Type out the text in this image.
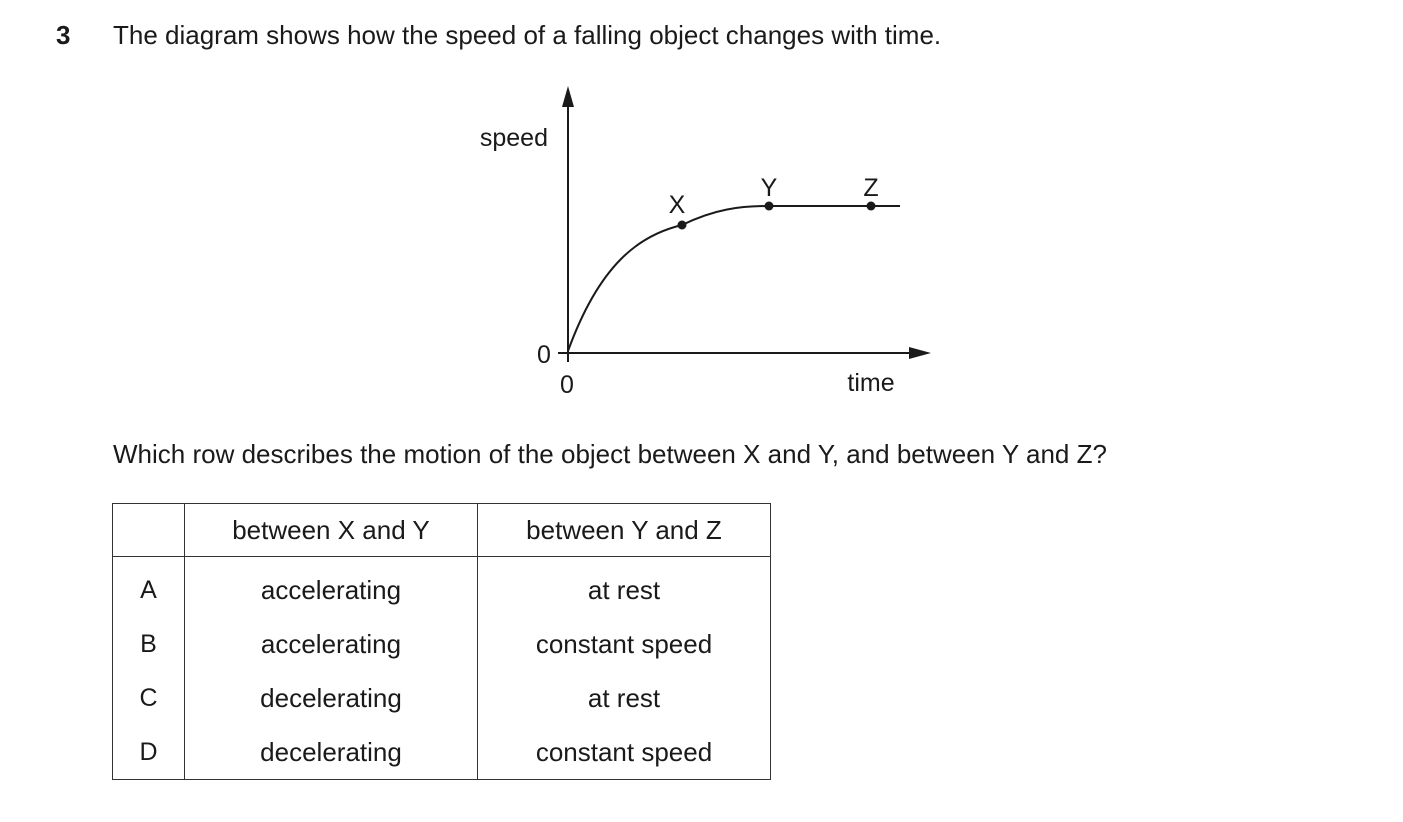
3 The diagram shows how the speed of a falling object changes with time.
speed
time
0
0
X
Y	Z
Which row describes the motion of the object between X and Y, and between Y and Z?
	between X and Y	between Y and Z
A	accelerating	at rest
B	accelerating	constant speed
C	decelerating	at rest
D	decelerating	constant speed
